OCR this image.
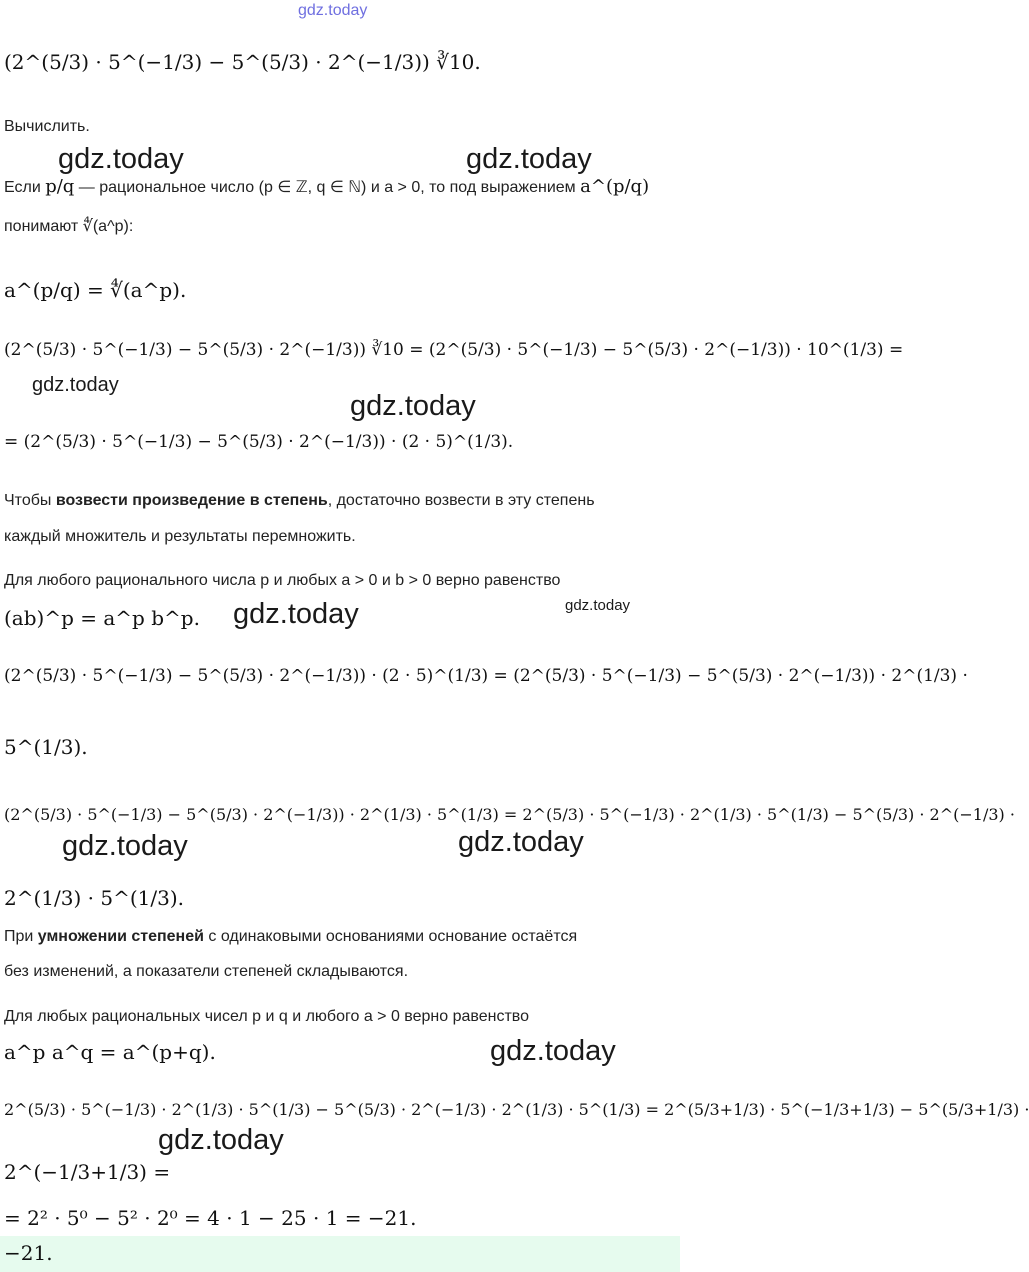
gdz.today
gdz.today	gdz.today
gdz.today
gdz.today
gdz.today	gdz.today
gdz.today	gdz.today
gdz.today
gdz.today
(2^(5/3) · 5^(−1/3) − 5^(5/3) · 2^(−1/3)) ∛10.
Вычислить.
Если p/q — рациональное число (p ∈ ℤ, q ∈ ℕ) и a > 0, то под выражением a^(p/q)
понимают ∜(a^p):
a^(p/q) = ∜(a^p).
(2^(5/3) · 5^(−1/3) − 5^(5/3) · 2^(−1/3)) ∛10 = (2^(5/3) · 5^(−1/3) − 5^(5/3) · 2^(−1/3)) · 10^(1/3) =
= (2^(5/3) · 5^(−1/3) − 5^(5/3) · 2^(−1/3)) · (2 · 5)^(1/3).
Чтобы возвести произведение в степень, достаточно возвести в эту степень
каждый множитель и результаты перемножить.
Для любого рационального числа p и любых a > 0 и b > 0 верно равенство
(ab)^p = a^p b^p.
(2^(5/3) · 5^(−1/3) − 5^(5/3) · 2^(−1/3)) · (2 · 5)^(1/3) = (2^(5/3) · 5^(−1/3) − 5^(5/3) · 2^(−1/3)) · 2^(1/3) ·
5^(1/3).
(2^(5/3) · 5^(−1/3) − 5^(5/3) · 2^(−1/3)) · 2^(1/3) · 5^(1/3) = 2^(5/3) · 5^(−1/3) · 2^(1/3) · 5^(1/3) − 5^(5/3) · 2^(−1/3) ·
2^(1/3) · 5^(1/3).
При умножении степеней с одинаковыми основаниями основание остаётся
без изменений, а показатели степеней складываются.
Для любых рациональных чисел p и q и любого a > 0 верно равенство
a^p a^q = a^(p+q).
2^(5/3) · 5^(−1/3) · 2^(1/3) · 5^(1/3) − 5^(5/3) · 2^(−1/3) · 2^(1/3) · 5^(1/3) = 2^(5/3+1/3) · 5^(−1/3+1/3) − 5^(5/3+1/3) ·
2^(−1/3+1/3) =
= 2² · 5⁰ − 5² · 2⁰ = 4 · 1 − 25 · 1 = −21.
−21.
